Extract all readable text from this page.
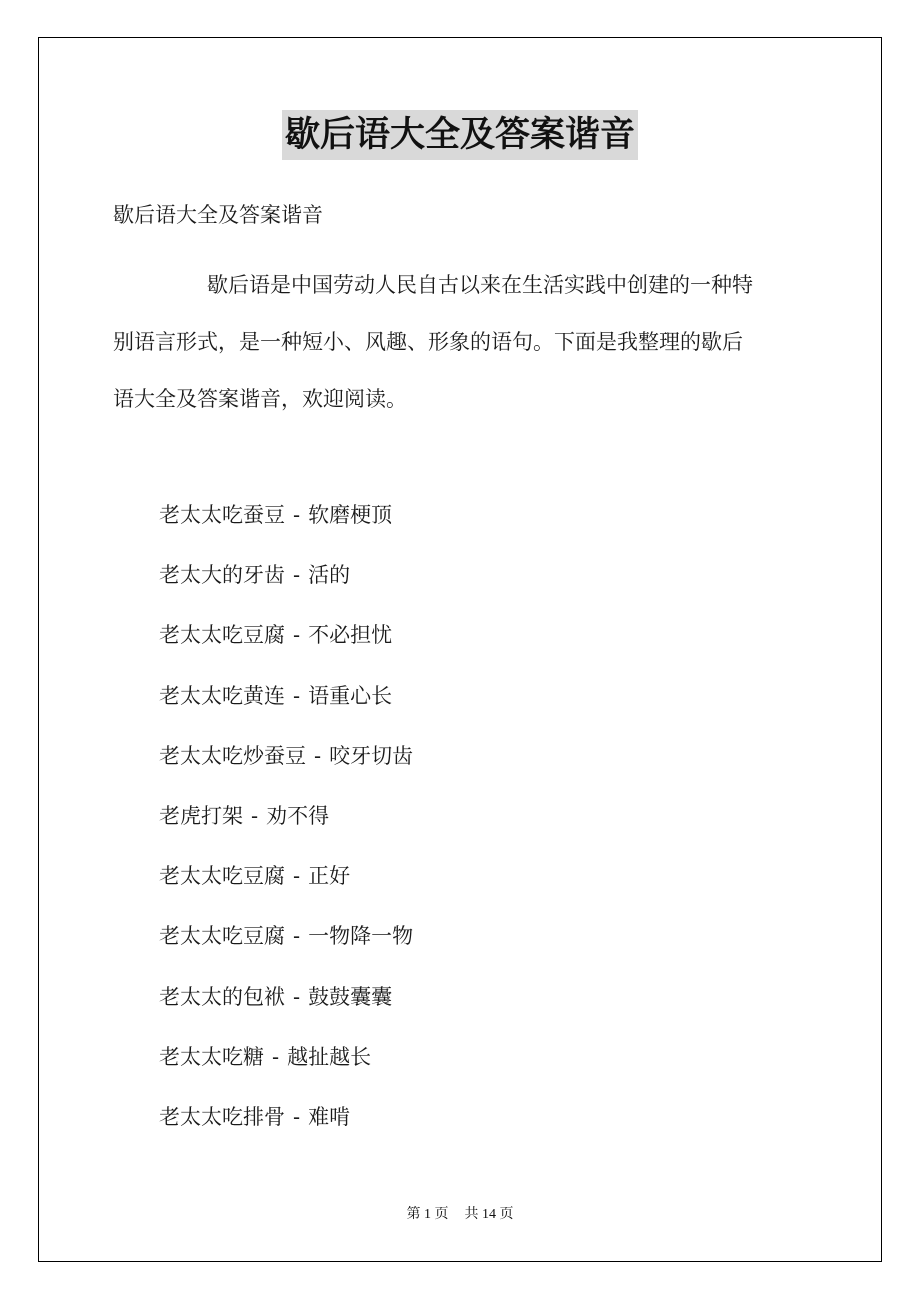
歇后语大全及答案谐音
歇后语大全及答案谐音
歇后语是中国劳动人民自古以来在生活实践中创建的一种特
别语言形式，是一种短小、风趣、形象的语句。下面是我整理的歇后
语大全及答案谐音，欢迎阅读。
老太太吃蚕豆 - 软磨梗顶
老太大的牙齿 - 活的
老太太吃豆腐 - 不必担忧
老太太吃黄连 - 语重心长
老太太吃炒蚕豆 - 咬牙切齿
老虎打架 - 劝不得
老太太吃豆腐 - 正好
老太太吃豆腐 - 一物降一物
老太太的包袱 - 鼓鼓囊囊
老太太吃糖 - 越扯越长
老太太吃排骨 - 难啃
第 1 页 共 14 页
